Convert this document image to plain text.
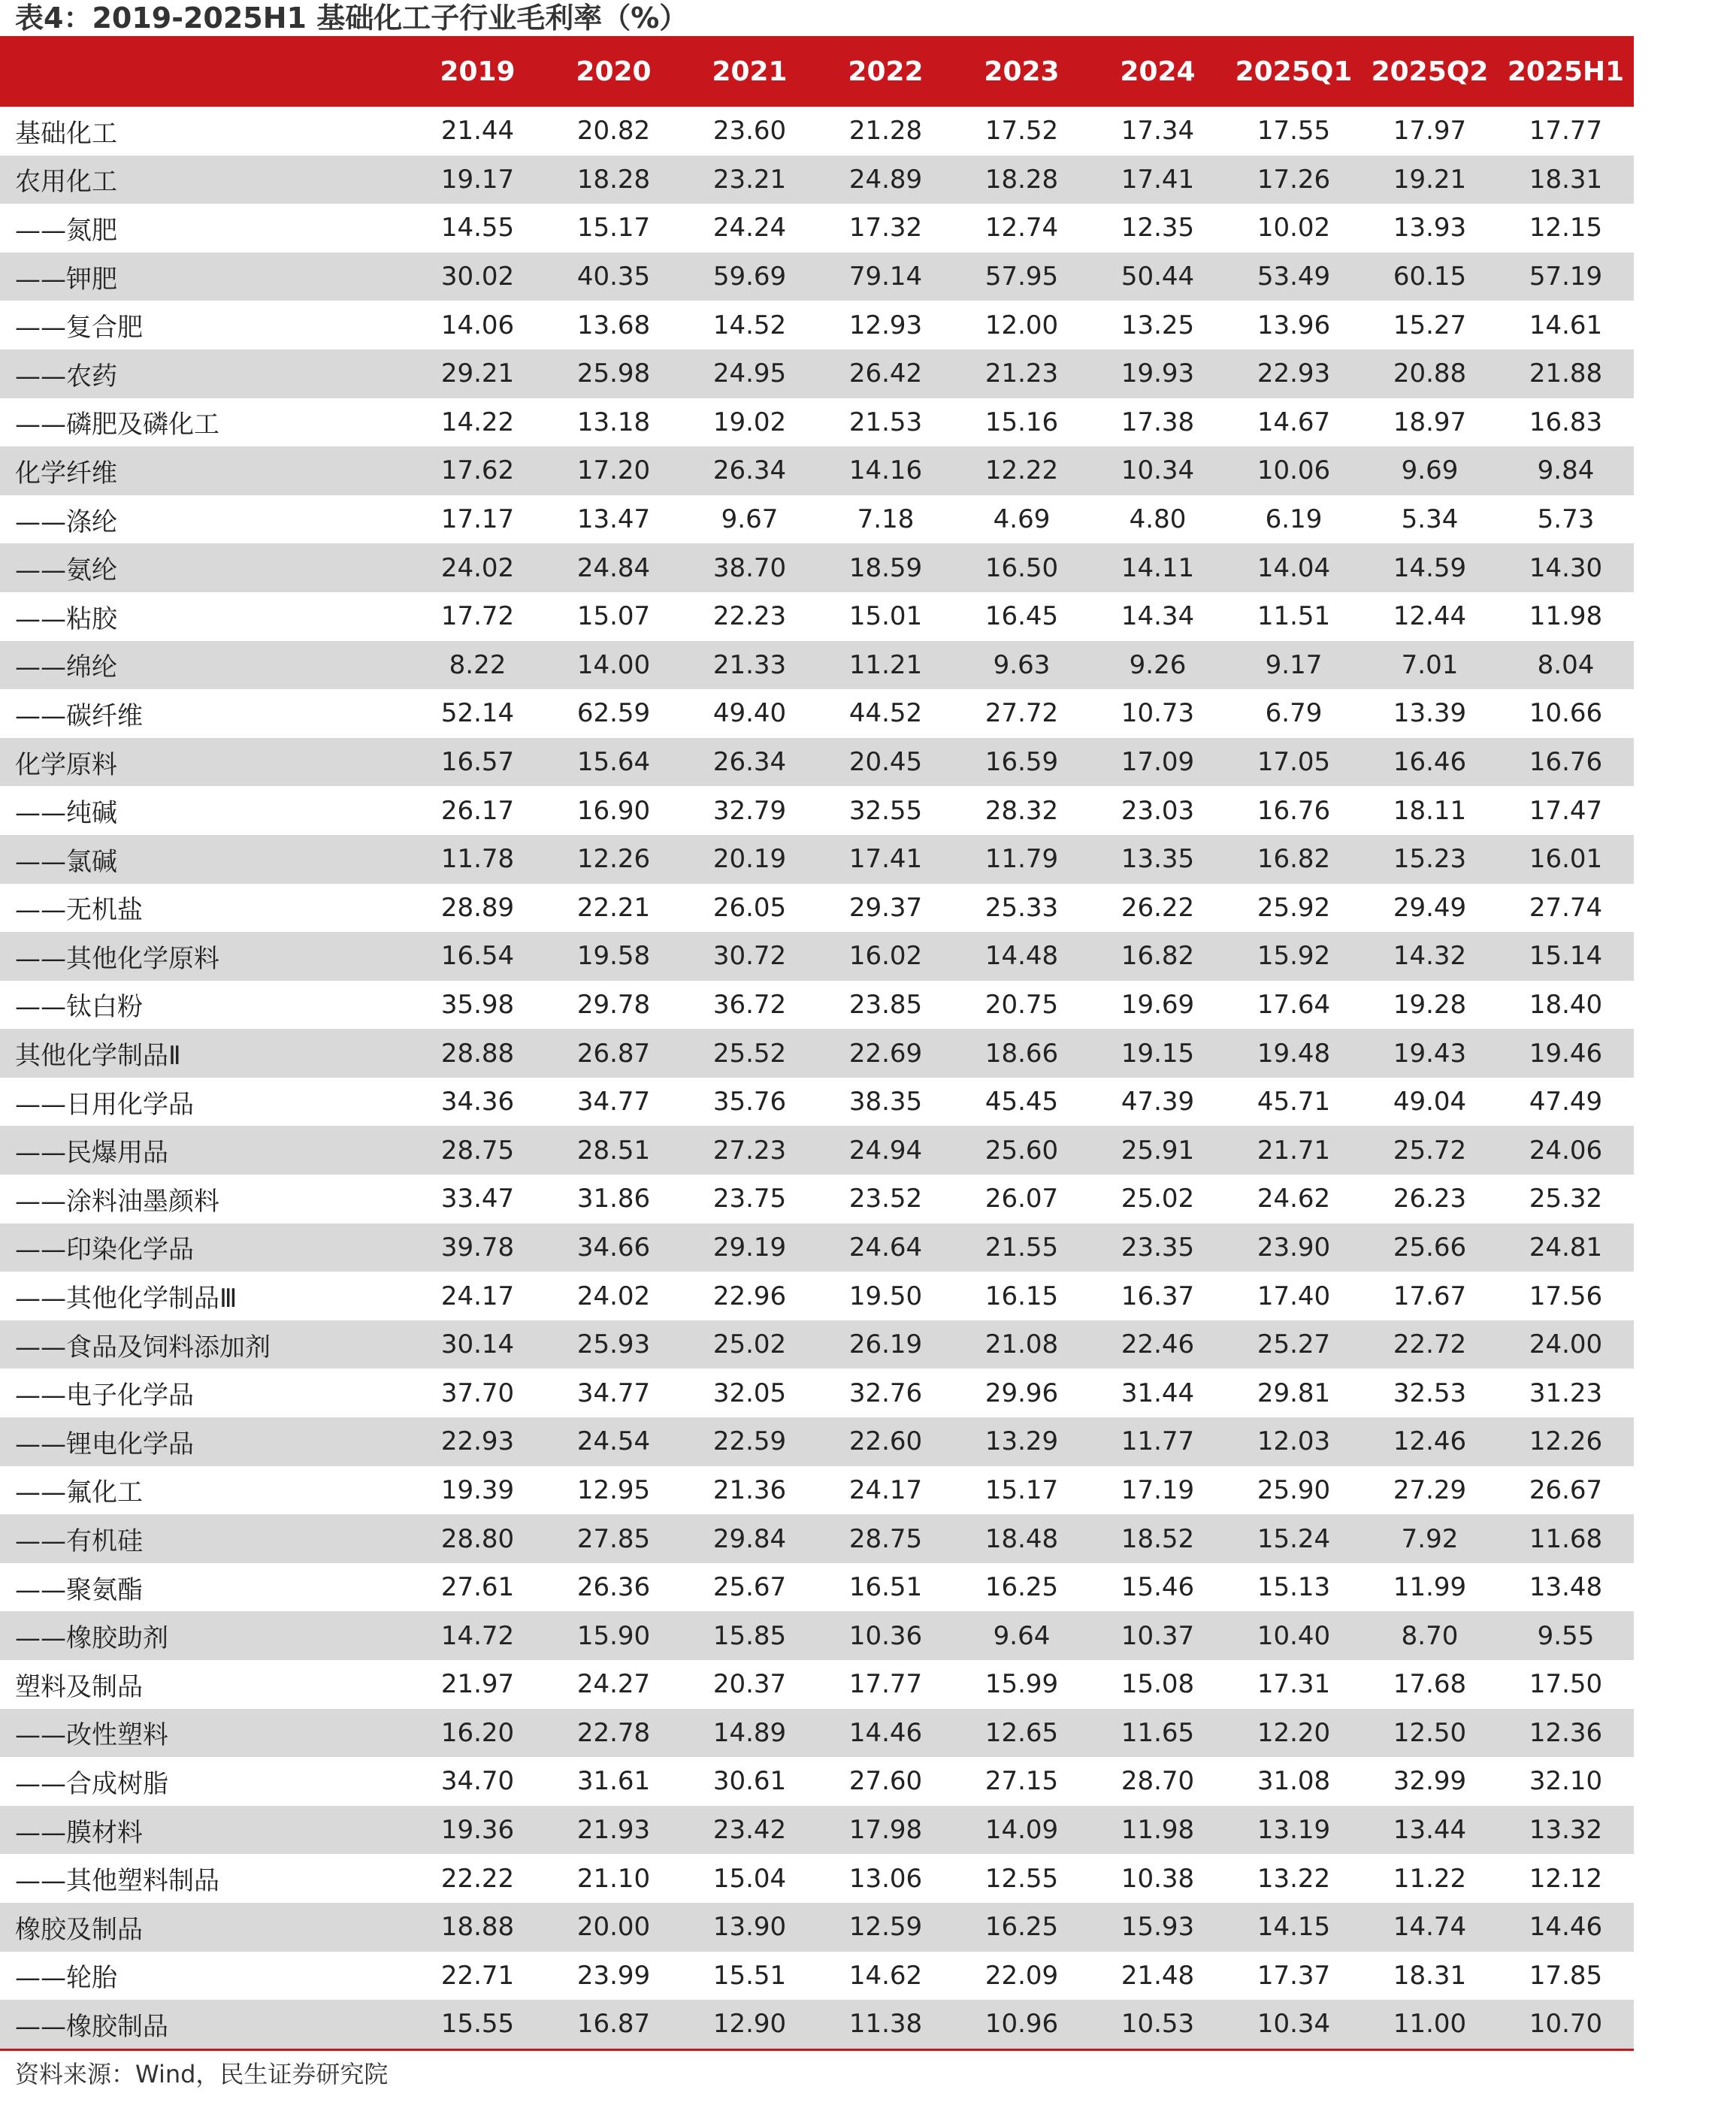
表4：2019-2025H1 基础化工子行业毛利率（%）
	2019	2020	2021	2022	2023	2024	2025Q1	2025Q2	2025H1
基础化工	21.44	20.82	23.60	21.28	17.52	17.34	17.55	17.97	17.77
农用化工	19.17	18.28	23.21	24.89	18.28	17.41	17.26	19.21	18.31
——氮肥	14.55	15.17	24.24	17.32	12.74	12.35	10.02	13.93	12.15
——钾肥	30.02	40.35	59.69	79.14	57.95	50.44	53.49	60.15	57.19
——复合肥	14.06	13.68	14.52	12.93	12.00	13.25	13.96	15.27	14.61
——农药	29.21	25.98	24.95	26.42	21.23	19.93	22.93	20.88	21.88
——磷肥及磷化工	14.22	13.18	19.02	21.53	15.16	17.38	14.67	18.97	16.83
化学纤维	17.62	17.20	26.34	14.16	12.22	10.34	10.06	9.69	9.84
——涤纶	17.17	13.47	9.67	7.18	4.69	4.80	6.19	5.34	5.73
——氨纶	24.02	24.84	38.70	18.59	16.50	14.11	14.04	14.59	14.30
——粘胶	17.72	15.07	22.23	15.01	16.45	14.34	11.51	12.44	11.98
——绵纶	8.22	14.00	21.33	11.21	9.63	9.26	9.17	7.01	8.04
——碳纤维	52.14	62.59	49.40	44.52	27.72	10.73	6.79	13.39	10.66
化学原料	16.57	15.64	26.34	20.45	16.59	17.09	17.05	16.46	16.76
——纯碱	26.17	16.90	32.79	32.55	28.32	23.03	16.76	18.11	17.47
——氯碱	11.78	12.26	20.19	17.41	11.79	13.35	16.82	15.23	16.01
——无机盐	28.89	22.21	26.05	29.37	25.33	26.22	25.92	29.49	27.74
——其他化学原料	16.54	19.58	30.72	16.02	14.48	16.82	15.92	14.32	15.14
——钛白粉	35.98	29.78	36.72	23.85	20.75	19.69	17.64	19.28	18.40
其他化学制品Ⅱ	28.88	26.87	25.52	22.69	18.66	19.15	19.48	19.43	19.46
——日用化学品	34.36	34.77	35.76	38.35	45.45	47.39	45.71	49.04	47.49
——民爆用品	28.75	28.51	27.23	24.94	25.60	25.91	21.71	25.72	24.06
——涂料油墨颜料	33.47	31.86	23.75	23.52	26.07	25.02	24.62	26.23	25.32
——印染化学品	39.78	34.66	29.19	24.64	21.55	23.35	23.90	25.66	24.81
——其他化学制品Ⅲ	24.17	24.02	22.96	19.50	16.15	16.37	17.40	17.67	17.56
——食品及饲料添加剂	30.14	25.93	25.02	26.19	21.08	22.46	25.27	22.72	24.00
——电子化学品	37.70	34.77	32.05	32.76	29.96	31.44	29.81	32.53	31.23
——锂电化学品	22.93	24.54	22.59	22.60	13.29	11.77	12.03	12.46	12.26
——氟化工	19.39	12.95	21.36	24.17	15.17	17.19	25.90	27.29	26.67
——有机硅	28.80	27.85	29.84	28.75	18.48	18.52	15.24	7.92	11.68
——聚氨酯	27.61	26.36	25.67	16.51	16.25	15.46	15.13	11.99	13.48
——橡胶助剂	14.72	15.90	15.85	10.36	9.64	10.37	10.40	8.70	9.55
塑料及制品	21.97	24.27	20.37	17.77	15.99	15.08	17.31	17.68	17.50
——改性塑料	16.20	22.78	14.89	14.46	12.65	11.65	12.20	12.50	12.36
——合成树脂	34.70	31.61	30.61	27.60	27.15	28.70	31.08	32.99	32.10
——膜材料	19.36	21.93	23.42	17.98	14.09	11.98	13.19	13.44	13.32
——其他塑料制品	22.22	21.10	15.04	13.06	12.55	10.38	13.22	11.22	12.12
橡胶及制品	18.88	20.00	13.90	12.59	16.25	15.93	14.15	14.74	14.46
——轮胎	22.71	23.99	15.51	14.62	22.09	21.48	17.37	18.31	17.85
——橡胶制品	15.55	16.87	12.90	11.38	10.96	10.53	10.34	11.00	10.70
资料来源：Wind，民生证券研究院
